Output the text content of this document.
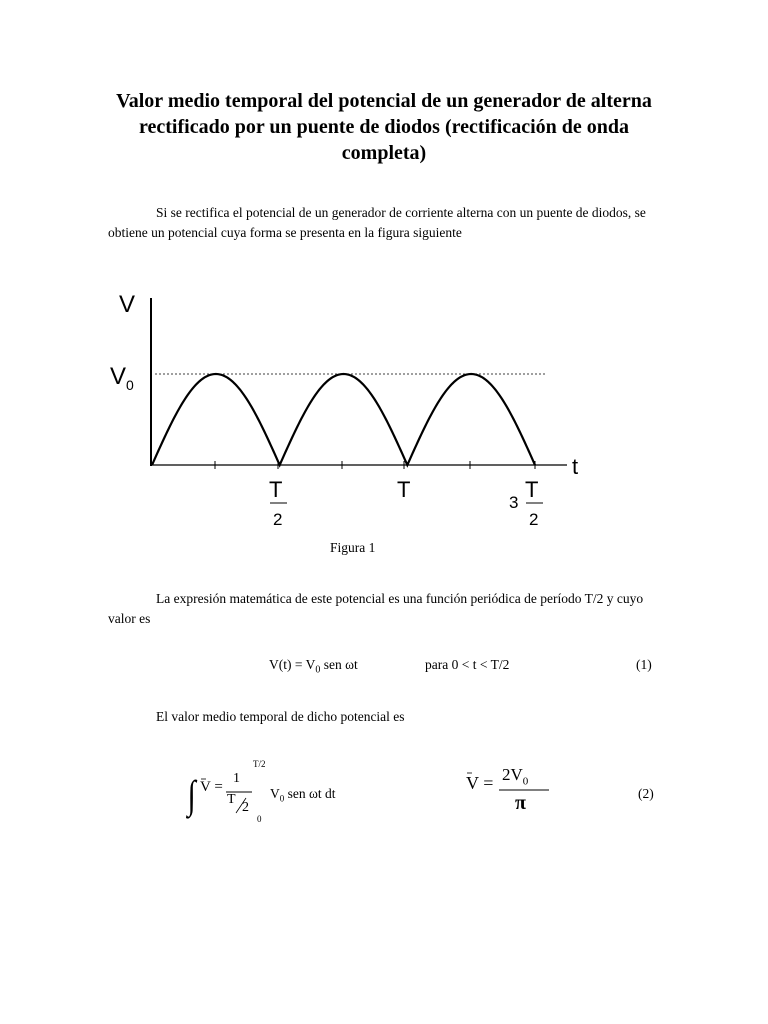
Valor medio temporal del potencial de un generador de alterna rectificado por un puente de diodos (rectificación de onda completa)

Si se rectifica el potencial de un generador de corriente alterna con un puente de diodos, se obtiene un potencial cuya forma se presenta en la figura siguiente

V
t
$V_0$
T
2
T
3
T
2
∫
Figura 1

La expresión matemática de este potencial es una función periódica de período T/2 y cuyo valor es

$V(t) = V_0$ sen ωt	para 0 < t < T/2	(1)

El valor medio temporal de dicho potencial es

V =
1
T
2
T/2
0
$V_0$ sen ωt dt
$V = 2V_0$
π	(2)
